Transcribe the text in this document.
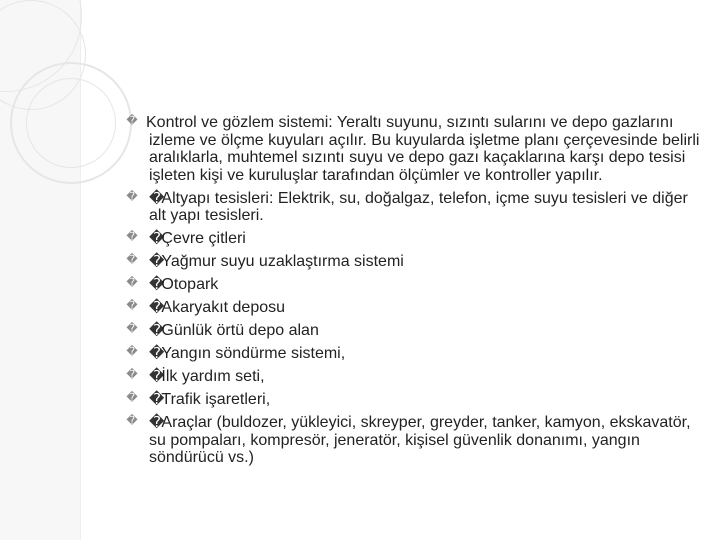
� Kontrol ve gözlem sistemi: Yeraltı suyunu, sızıntı sularını ve depo gazlarını izleme ve ölçme kuyuları açılır. Bu kuyularda işletme planı çerçevesinde belirli aralıklarla, muhtemel sızıntı suyu ve depo gazı kaçaklarına karşı depo tesisi işleten kişi ve kuruluşlar tarafından ölçümler ve kontroller yapılır.
� �Altyapı tesisleri: Elektrik, su, doğalgaz, telefon, içme suyu tesisleri ve diğer alt yapı tesisleri.
� �Çevre çitleri
� �Yağmur suyu uzaklaştırma sistemi
� �Otopark
� �Akaryakıt deposu
� �Günlük örtü depo alan
� �Yangın söndürme sistemi,
� �İlk yardım seti,
� �Trafik işaretleri,
� �Araçlar (buldozer, yükleyici, skreyper, greyder, tanker, kamyon, ekskavatör, su pompaları, kompresör, jeneratör, kişisel güvenlik donanımı, yangın söndürücü vs.)
